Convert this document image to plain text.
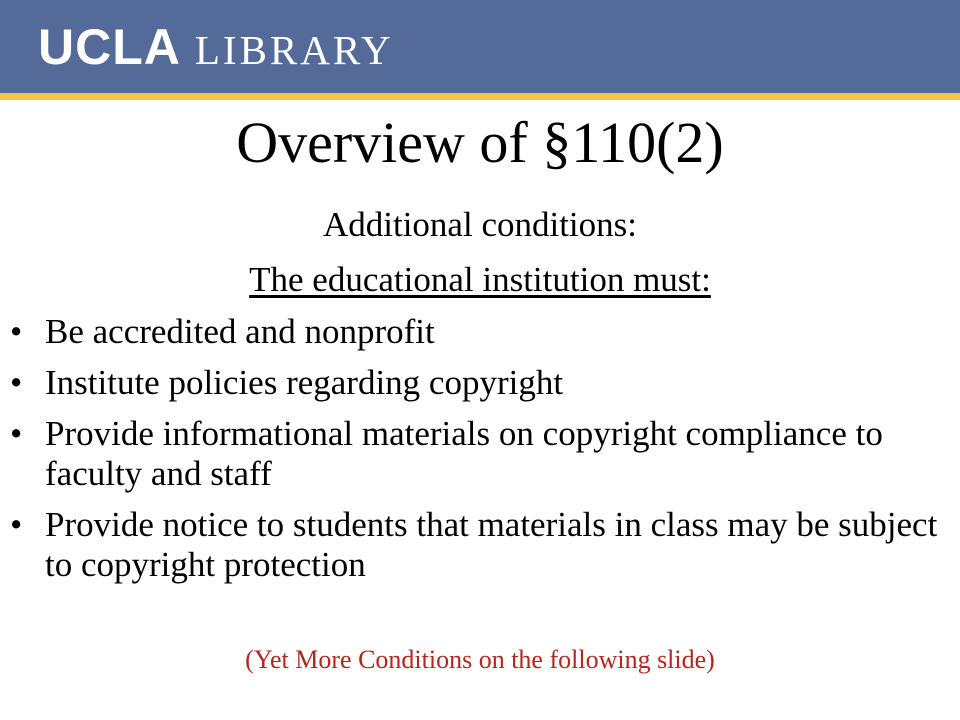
UCLA LIBRARY
Overview of §110(2)
Additional conditions:
The educational institution must:
• Be accredited and nonprofit
• Institute policies regarding copyright
• Provide informational materials on copyright compliance to faculty and staff
• Provide notice to students that materials in class may be subject to copyright protection
(Yet More Conditions on the following slide)
